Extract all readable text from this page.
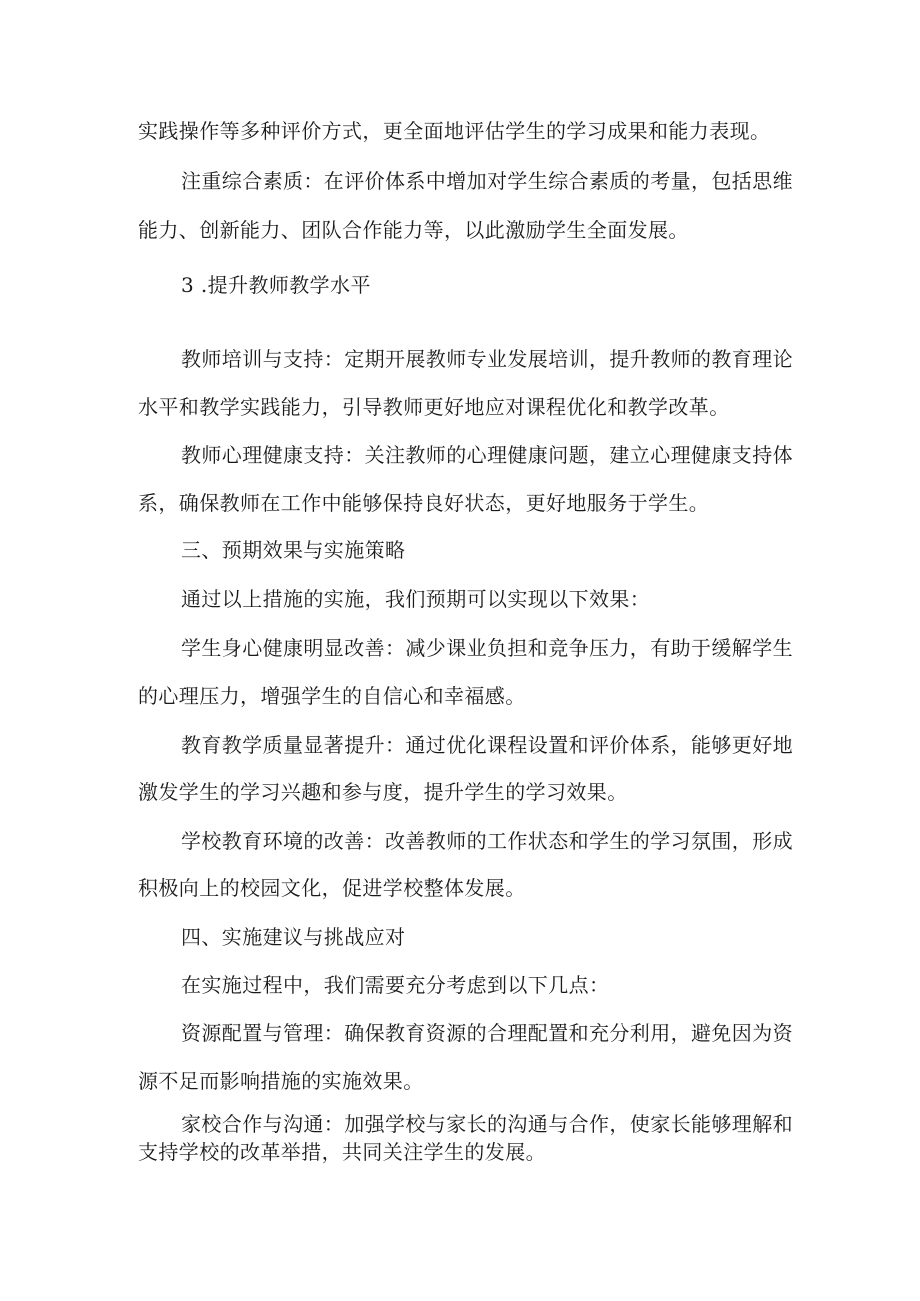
实践操作等多种评价方式，更全面地评估学生的学习成果和能力表现。
注重综合素质：在评价体系中增加对学生综合素质的考量，包括思维
能力、创新能力、团队合作能力等，以此激励学生全面发展。
3 .提升教师教学水平
教师培训与支持：定期开展教师专业发展培训，提升教师的教育理论
水平和教学实践能力，引导教师更好地应对课程优化和教学改革。
教师心理健康支持：关注教师的心理健康问题，建立心理健康支持体
系，确保教师在工作中能够保持良好状态，更好地服务于学生。
三、预期效果与实施策略
通过以上措施的实施，我们预期可以实现以下效果：
学生身心健康明显改善：减少课业负担和竞争压力，有助于缓解学生
的心理压力，增强学生的自信心和幸福感。
教育教学质量显著提升：通过优化课程设置和评价体系，能够更好地
激发学生的学习兴趣和参与度，提升学生的学习效果。
学校教育环境的改善：改善教师的工作状态和学生的学习氛围，形成
积极向上的校园文化，促进学校整体发展。
四、实施建议与挑战应对
在实施过程中，我们需要充分考虑到以下几点：
资源配置与管理：确保教育资源的合理配置和充分利用，避免因为资
源不足而影响措施的实施效果。
家校合作与沟通：加强学校与家长的沟通与合作，使家长能够理解和
支持学校的改革举措，共同关注学生的发展。
